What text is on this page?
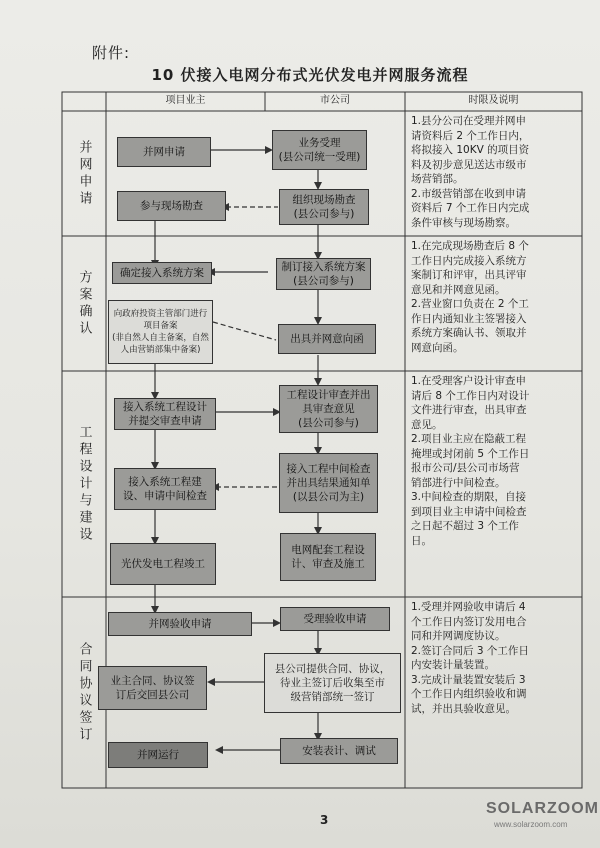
附件:
10 伏接入电网分布式光伏发电并网服务流程
项目业主	市公司	时限及说明
并网申请
方案确认
工程设计与建设
合同协议签订
并网申请
参与现场勘查
确定接入系统方案
向政府投资主管部门进行
项目备案
(非自然人自主备案，自然
人由营销部集中备案)
接入系统工程设计
并提交审查申请
接入系统工程建
设、申请中间检查
光伏发电工程竣工
并网验收申请
业主合同、协议签
订后交回县公司
并网运行
业务受理
(县公司统一受理)
组织现场勘查
(县公司参与)
制订接入系统方案
(县公司参与)
出具并网意向函
工程设计审查并出
具审查意见
(县公司参与)
接入工程中间检查
并出具结果通知单
(以县公司为主)
电网配套工程设
计、审查及施工
受理验收申请
县公司提供合同、协议，
待业主签订后收集至市
级营销部统一签订
安装表计、调试
1.县分公司在受理并网申
请资料后 2 个工作日内，
将拟接入 10KV 的项目资
料及初步意见送达市级市
场营销部。
2.市级营销部在收到申请
资料后 7 个工作日内完成
条件审核与现场勘察。
1.在完成现场勘查后 8 个
工作日内完成接入系统方
案制订和评审，出具评审
意见和并网意见函。
2.营业窗口负责在 2 个工
作日内通知业主签署接入
系统方案确认书、领取并
网意向函。
1.在受理客户设计审查申
请后 8 个工作日内对设计
文件进行审查，出具审查
意见。
2.项目业主应在隐蔽工程
掩埋或封闭前 5 个工作日
报市公司/县公司市场营
销部进行中间检查。
3.中间检查的期限，自接
到项目业主申请中间检查
之日起不超过 3 个工作
日。
1.受理并网验收申请后 4
个工作日内签订发用电合
同和并网调度协议。
2.签订合同后 3 个工作日
内安装计量装置。
3.完成计量装置安装后 3
个工作日内组织验收和调
试，并出具验收意见。
3
SOLARZOOM
www.solarzoom.com
